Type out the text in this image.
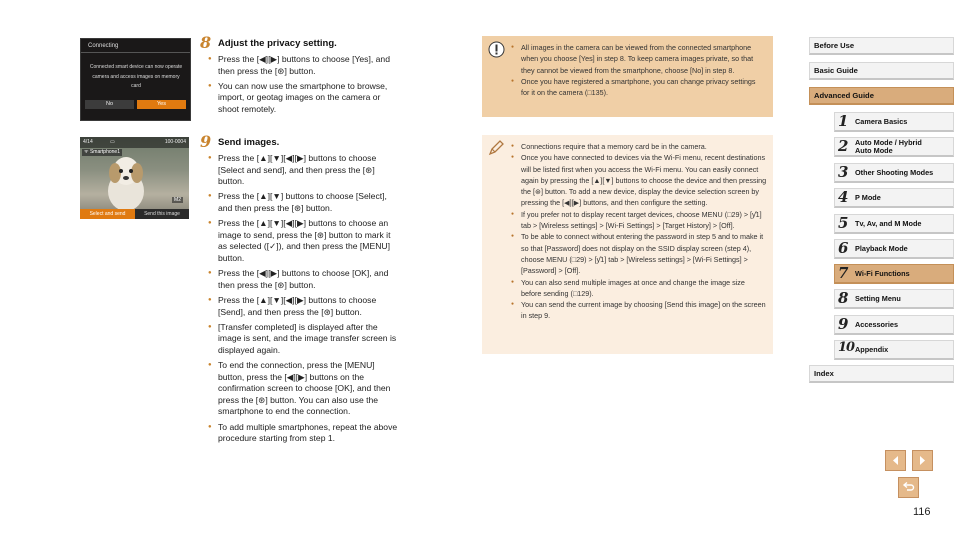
Connecting
Connected smart device can now operate camera and access images on memory card
No	Yes
4/14	▭	100-0004
ᯤ Smartphone1
M2
Select and send	Send this image
8 Adjust the privacy setting.
● Press the [◀][▶] buttons to choose [Yes], and then press the [⊛] button.
● You can now use the smartphone to browse, import, or geotag images on the camera or shoot remotely.
9 Send images.
● Press the [▲][▼][◀][▶] buttons to choose [Select and send], and then press the [⊛] button.
● Press the [▲][▼] buttons to choose [Select], and then press the [⊛] button.
● Press the [▲][▼][◀][▶] buttons to choose an image to send, press the [⊛] button to mark it as selected ([✓]), and then press the [MENU] button.
● Press the [◀][▶] buttons to choose [OK], and then press the [⊛] button.
● Press the [▲][▼][◀][▶] buttons to choose [Send], and then press the [⊛] button.
● [Transfer completed] is displayed after the image is sent, and the image transfer screen is displayed again.
● To end the connection, press the [MENU] button, press the [◀][▶] buttons on the confirmation screen to choose [OK], and then press the [⊛] button. You can also use the smartphone to end the connection.
● To add multiple smartphones, repeat the above procedure starting from step 1.
● All images in the camera can be viewed from the connected smartphone when you choose [Yes] in step 8. To keep camera images private, so that they cannot be viewed from the smartphone, choose [No] in step 8.
● Once you have registered a smartphone, you can change privacy settings for it on the camera (□135).
● Connections require that a memory card be in the camera.
● Once you have connected to devices via the Wi-Fi menu, recent destinations will be listed first when you access the Wi-Fi menu. You can easily connect again by pressing the [▲][▼] buttons to choose the device and then pressing the [⊛] button. To add a new device, display the device selection screen by pressing the [◀][▶] buttons, and then configure the setting.
● If you prefer not to display recent target devices, choose MENU (□29) > [ƴ1] tab > [Wireless settings] > [Wi-Fi Settings] > [Target History] > [Off].
● To be able to connect without entering the password in step 5 and to make it so that [Password] does not display on the SSID display screen (step 4), choose MENU (□29) > [ƴ1] tab > [Wireless settings] > [Wi-Fi Settings] > [Password] > [Off].
● You can also send multiple images at once and change the image size before sending (□129).
● You can send the current image by choosing [Send this image] on the screen in step 9.
Before Use
Basic Guide
Advanced Guide
1 Camera Basics
2 Auto Mode / Hybrid Auto Mode
3 Other Shooting Modes
4 P Mode
5 Tv, Av, and M Mode
6 Playback Mode
7 Wi-Fi Functions
8 Setting Menu
9 Accessories
10 Appendix
Index
116
